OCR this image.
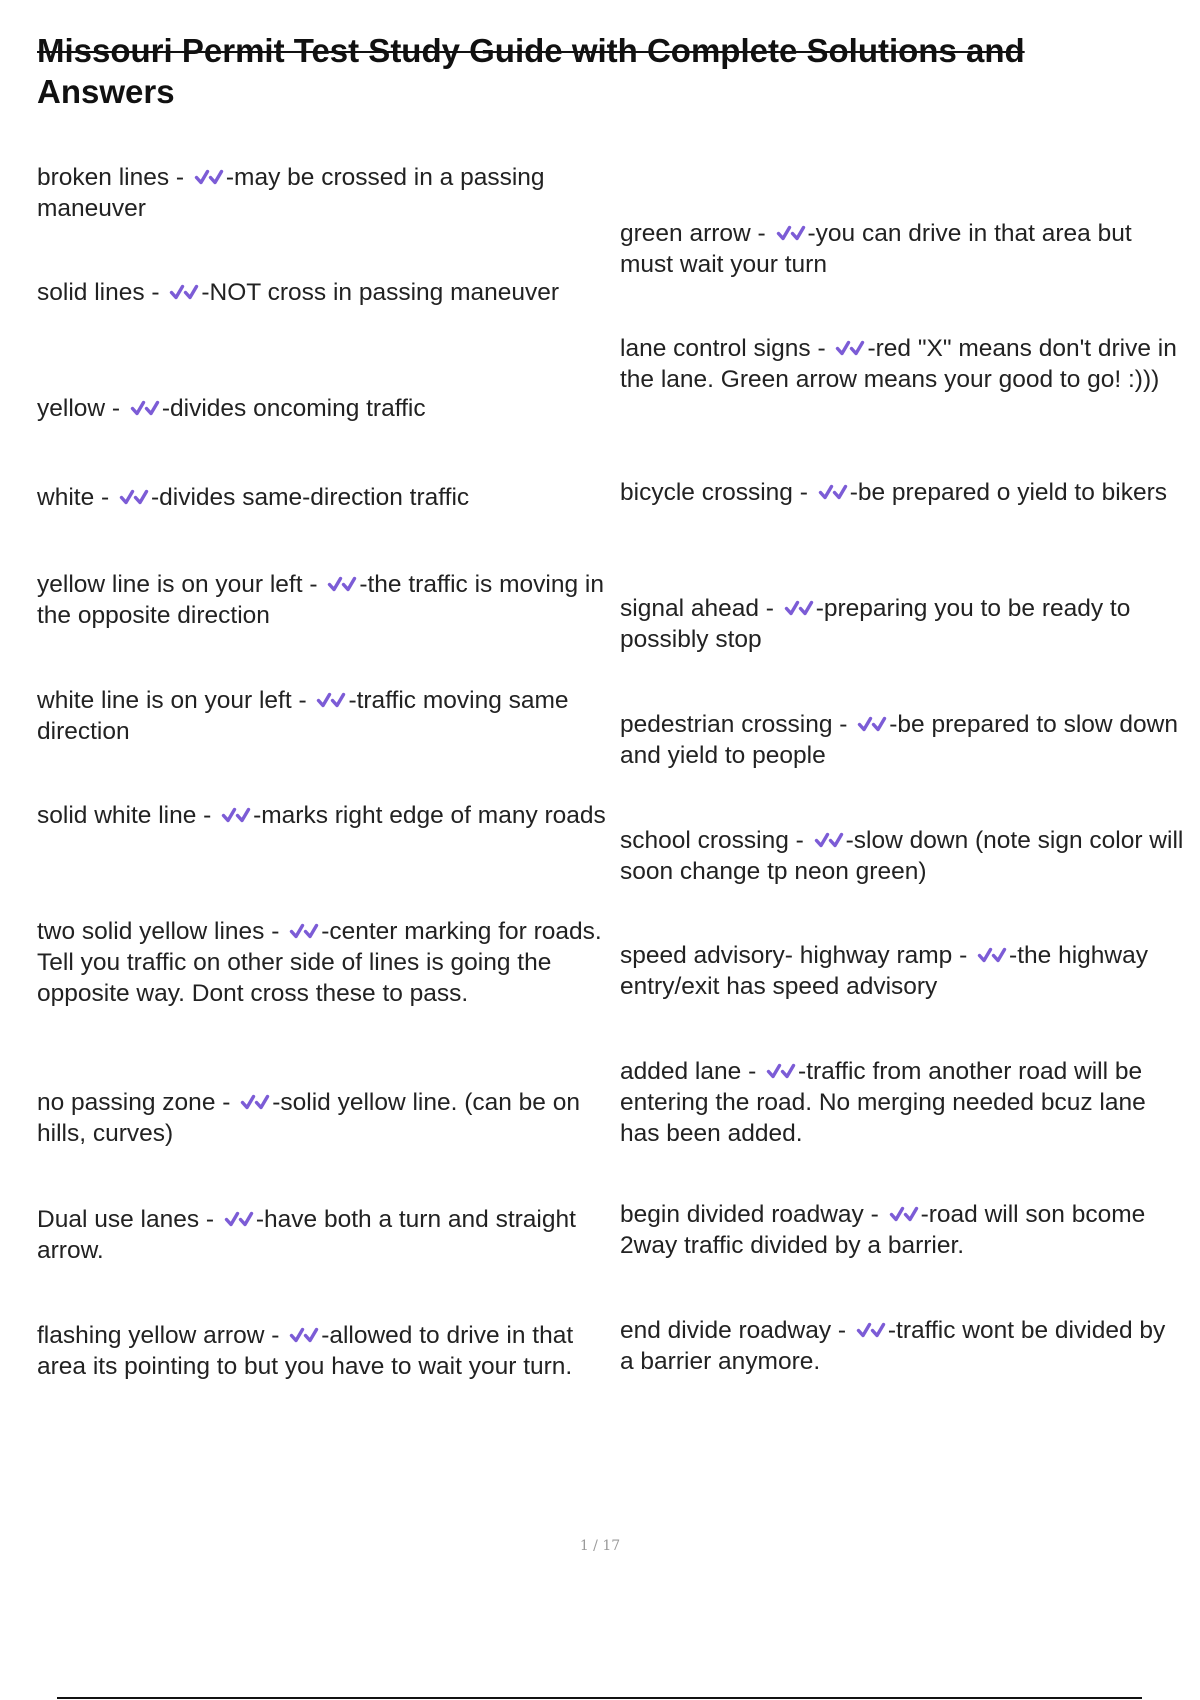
Missouri Permit Test Study Guide with Complete Solutions and
Answers

broken lines -
-may be crossed in a passing maneuver

solid lines -
-NOT cross in passing maneuver

yellow -
-divides oncoming traffic

white -
-divides same-direction traffic

yellow line is on your left -
-the traffic is moving in the opposite direction

white line is on your left -
-traffic moving same direction

solid white line -
-marks right edge of many roads

two solid yellow lines -
-center marking for roads. Tell you traffic on other side of lines is going the opposite way. Dont cross these to pass.

no passing zone -
-solid yellow line. (can be on hills, curves)

Dual use lanes -
-have both a turn and straight arrow.

flashing yellow arrow -
-allowed to drive in that area its pointing to but you have to wait your turn.

green arrow -
-you can drive in that area but must wait your turn

lane control signs -
-red "X" means don't drive in the lane. Green arrow means your good to go! :)))

bicycle crossing -
-be prepared o yield to bikers

signal ahead -
-preparing you to be ready to possibly stop

pedestrian crossing -
-be prepared to slow down and yield to people

school crossing -
-slow down (note sign color will soon change tp neon green)

speed advisory- highway ramp -
-the highway entry/exit has speed advisory

added lane -
-traffic from another road will be entering the road. No merging needed bcuz lane has been added.

begin divided roadway -
-road will son bcome 2way traffic divided by a barrier.

end divide roadway -
-traffic wont be divided by a barrier anymore.

1 / 17
